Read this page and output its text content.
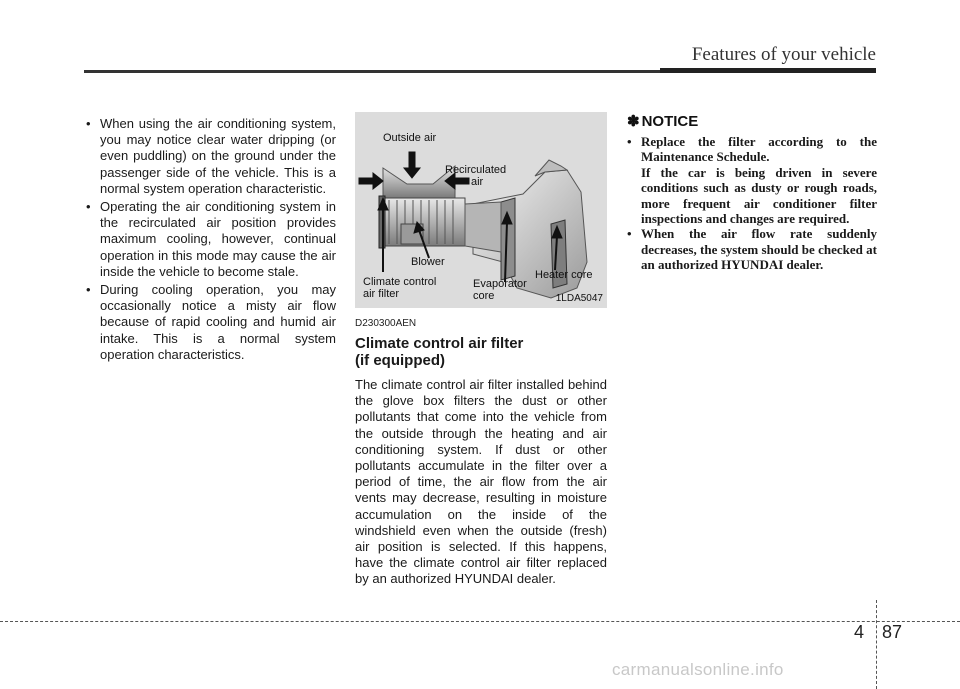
Features of your vehicle
• When using the air conditioning system, you may notice clear water dripping (or even puddling) on the ground under the passenger side of the vehicle. This is a normal system operation characteristic.
• Operating the air conditioning system in the recirculated air position provides maximum cooling, however, continual operation in this mode may cause the air inside the vehicle to become stale.
• During cooling operation, you may occasionally notice a misty air flow because of rapid cooling and humid air intake. This is a normal system operation characteristics.
Outside air
Recirculated
air
Blower
Climate control
air filter
Evaporator
core
Heater core
1LDA5047
D230300AEN
Climate control air filter
(if equipped)

The climate control air filter installed behind the glove box filters the dust or other pollutants that come into the vehicle from the outside through the heating and air conditioning system. If dust or other pollutants accumulate in the filter over a period of time, the air flow from the air vents may decrease, resulting in moisture accumulation on the inside of the windshield even when the outside (fresh) air position is selected. If this happens, have the climate control air filter replaced by an authorized HYUNDAI dealer.

✽ NOTICE
• Replace the filter according to the Maintenance Schedule.
If the car is being driven in severe conditions such as dusty or rough roads, more frequent air conditioner filter inspections and changes are required.
• When the air flow rate suddenly decreases, the system should be checked at an authorized HYUNDAI dealer.
4 87
carmanualsonline.info
